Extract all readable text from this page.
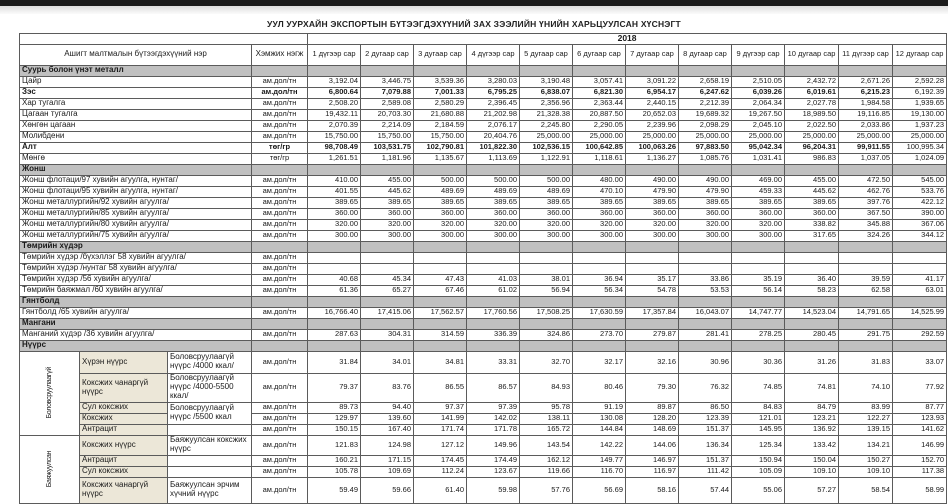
УУЛ УУРХАЙН ЭКСПОРТЫН БҮТЭЭГДЭХҮҮНИЙ ЗАХ ЗЭЭЛИЙН ҮНИЙН ХАРЬЦУУЛСАН ХҮСНЭГТ
				2018											
Ашигт малтмалын бүтээгдэхүүний нэр			Хэмжих нэгж	1 дүгээр сар	2 дугаар сар	3 дугаар сар	4 дүгээр сар	5 дугаар сар	6 дугаар сар	7 дугаар сар	8 дугаар сар	9 дүгээр сар	10 дугаар сар	11 дүгээр сар	12 дугаар сар
Суурь болон үнэт металл															
Цайр			ам.дол/тн	3,192.04	3,446.75	3,539.36	3,280.03	3,190.48	3,057.41	3,091.22	2,658.19	2,510.05	2,432.72	2,671.26	2,592.28
Зэс			ам.дол/тн	6,800.64	7,079.88	7,001.33	6,795.25	6,838.07	6,821.30	6,954.17	6,247.62	6,039.26	6,019.61	6,215.23	6,192.39
Хар тугалга			ам.дол/тн	2,508.20	2,589.08	2,580.29	2,396.45	2,356.96	2,363.44	2,440.15	2,212.39	2,064.34	2,027.78	1,984.58	1,939.65
Цагаан тугалга			ам.дол/тн	19,432.11	20,703.30	21,680.88	21,202.98	21,328.38	20,887.50	20,652.03	19,689.32	19,267.50	18,989.50	19,116.85	19,130.00
Хөнгөн цагаан			ам.дол/тн	2,070.39	2,214.09	2,184.59	2,076.17	2,245.80	2,290.05	2,239.96	2,098.29	2,045.10	2,022.50	2,033.86	1,937.23
Молибдени			ам.дол/тн	15,750.00	15,750.00	15,750.00	20,404.76	25,000.00	25,000.00	25,000.00	25,000.00	25,000.00	25,000.00	25,000.00	25,000.00
Алт			төг/гр	98,708.49	103,531.75	102,790.81	101,822.30	102,536.15	100,642.85	100,063.26	97,883.50	95,042.34	96,204.31	99,911.55	100,995.34
Мөнгө			төг/гр	1,261.51	1,181.96	1,135.67	1,113.69	1,122.91	1,118.61	1,136.27	1,085.76	1,031.41	986.83	1,037.05	1,024.09
Жонш															
Жонш флотаци/97 хувийн агуулга, нунтаг/			ам.дол/тн	410.00	455.00	500.00	500.00	500.00	480.00	490.00	490.00	469.00	455.00	472.50	545.00
Жонш флотаци/95 хувийн агуулга, нунтаг/			ам.дол/тн	401.55	445.62	489.69	489.69	489.69	470.10	479.90	479.90	459.33	445.62	462.76	533.76
Жонш металлургийн/92 хувийн агуулга/			ам.дол/тн	389.65	389.65	389.65	389.65	389.65	389.65	389.65	389.65	389.65	389.65	397.76	422.12
Жонш металлургийн/85 хувийн агуулга/			ам.дол/тн	360.00	360.00	360.00	360.00	360.00	360.00	360.00	360.00	360.00	360.00	367.50	390.00
Жонш металлургийн/80 хувийн агуулга/			ам.дол/тн	320.00	320.00	320.00	320.00	320.00	320.00	320.00	320.00	320.00	338.82	345.88	367.06
Жонш металлургийн/75 хувийн агуулга/			ам.дол/тн	300.00	300.00	300.00	300.00	300.00	300.00	300.00	300.00	300.00	317.65	324.26	344.12
Төмрийн хүдэр															
Төмрийн хүдэр /бүхэллэг 58 хувийн агуулга/			ам.дол/тн												
Төмрийн хүдэр /нунтаг 58 хувийн агуулга/			ам.дол/тн												
Төмрийн хүдэр /56 хувийн агуулга/			ам.дол/тн	40.68	45.34	47.43	41.03	38.01	36.94	35.17	33.86	35.19	36.40	39.59	41.17
Төмрийн баяжмал /60 хувийн агуулга/			ам.дол/тн	61.36	65.27	67.46	61.02	56.94	56.34	54.78	53.53	56.14	58.23	62.58	63.01
Гянтболд															
Гянтболд /65 хувийн агуулга/			ам.дол/тн	16,766.40	17,415.06	17,562.57	17,760.56	17,508.25	17,630.59	17,357.84	16,043.07	14,747.77	14,523.04	14,791.65	14,525.99
Мангани															
Манганий хүдэр /36 хувийн агуулга/			ам.дол/тн	287.63	304.31	314.59	336.39	324.86	273.70	279.87	281.41	278.25	280.45	291.75	292.59
Нүүрс															

Боловсруулаагүй	Хүрэн нүүрс	Боловсруулаагүй нүүрс /4000 ккал/	ам.дол/тн	31.84	34.01	34.81	33.31	32.70	32.17	32.16	30.96	30.36	31.26	31.83	33.07
	Коксжих чанаргүй нүүрс	Боловсруулаагүй нүүрс /4000-5500 ккал/	ам.дол/тн	79.37	83.76	86.55	86.57	84.93	80.46	79.30	76.32	74.85	74.81	74.10	77.92
	Сул коксжих	Боловсруулаагүй нүүрс /5500 ккал	ам.дол/тн	89.73	94.40	97.37	97.39	95.78	91.19	89.87	86.50	84.83	84.79	83.99	87.77
	Коксжих		ам.дол/тн	129.97	139.60	141.99	142.02	138.11	130.08	128.20	123.39	121.01	123.21	122.27	123.93
	Антрацит		ам.дол/тн	150.15	167.40	171.74	171.78	165.72	144.84	148.69	151.37	145.95	136.92	139.15	141.62

Баяжуулсан	Коксжих нүүрс	Баяжуулсан коксжих нүүрс	ам.дол/тн	121.83	124.98	127.12	149.96	143.54	142.22	144.06	136.34	125.34	133.42	134.21	146.99
	Антрацит		ам.дол/тн	160.21	171.15	174.45	174.49	162.12	149.77	146.97	151.37	150.94	150.04	150.27	152.70
	Сул коксжих		ам.дол/тн	105.78	109.69	112.24	123.67	119.66	116.70	116.97	111.42	105.09	109.10	109.10	117.38
	Коксжих чанаргүй нүүрс	Баяжуулсан эрчим хүчний нүүрс	ам.дол/тн	59.49	59.66	61.40	59.98	57.76	56.69	58.16	57.44	55.06	57.27	58.54	58.99
